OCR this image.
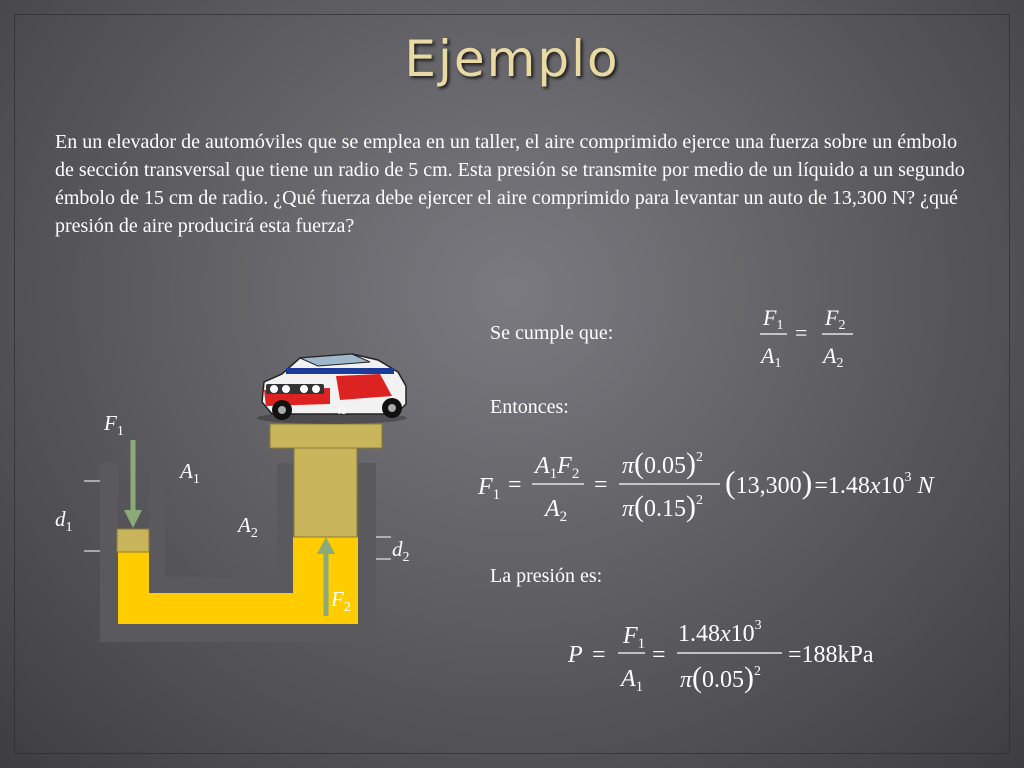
Ejemplo
En un elevador de automóviles que se emplea en un taller, el aire comprimido ejerce una fuerza sobre un émbolo de sección transversal que tiene un radio de 5 cm. Esta presión se transmite por medio de un líquido a un segundo émbolo de 15 cm de radio. ¿Qué fuerza debe ejercer el aire comprimido para levantar un auto de 13,300 N? ¿qué presión de aire producirá esta fuerza?
12
$F_1$
$A_1$
$d_1$	$A_2$
$d_2$
$F_2$
Se cumple que:
Entonces:
La presión es:
F1
A1
=
F2
A2
$F_1$ =
$A_1F_2$
$A_2$
=
$\pi(0.05)^2$
$\pi(0.15)^2$
$(13,300)=1.48x10^3$ N
P =
$F_1$
$A_1$
=
$1.48x10^3$
$\pi(0.05)^2$
=188kPa
